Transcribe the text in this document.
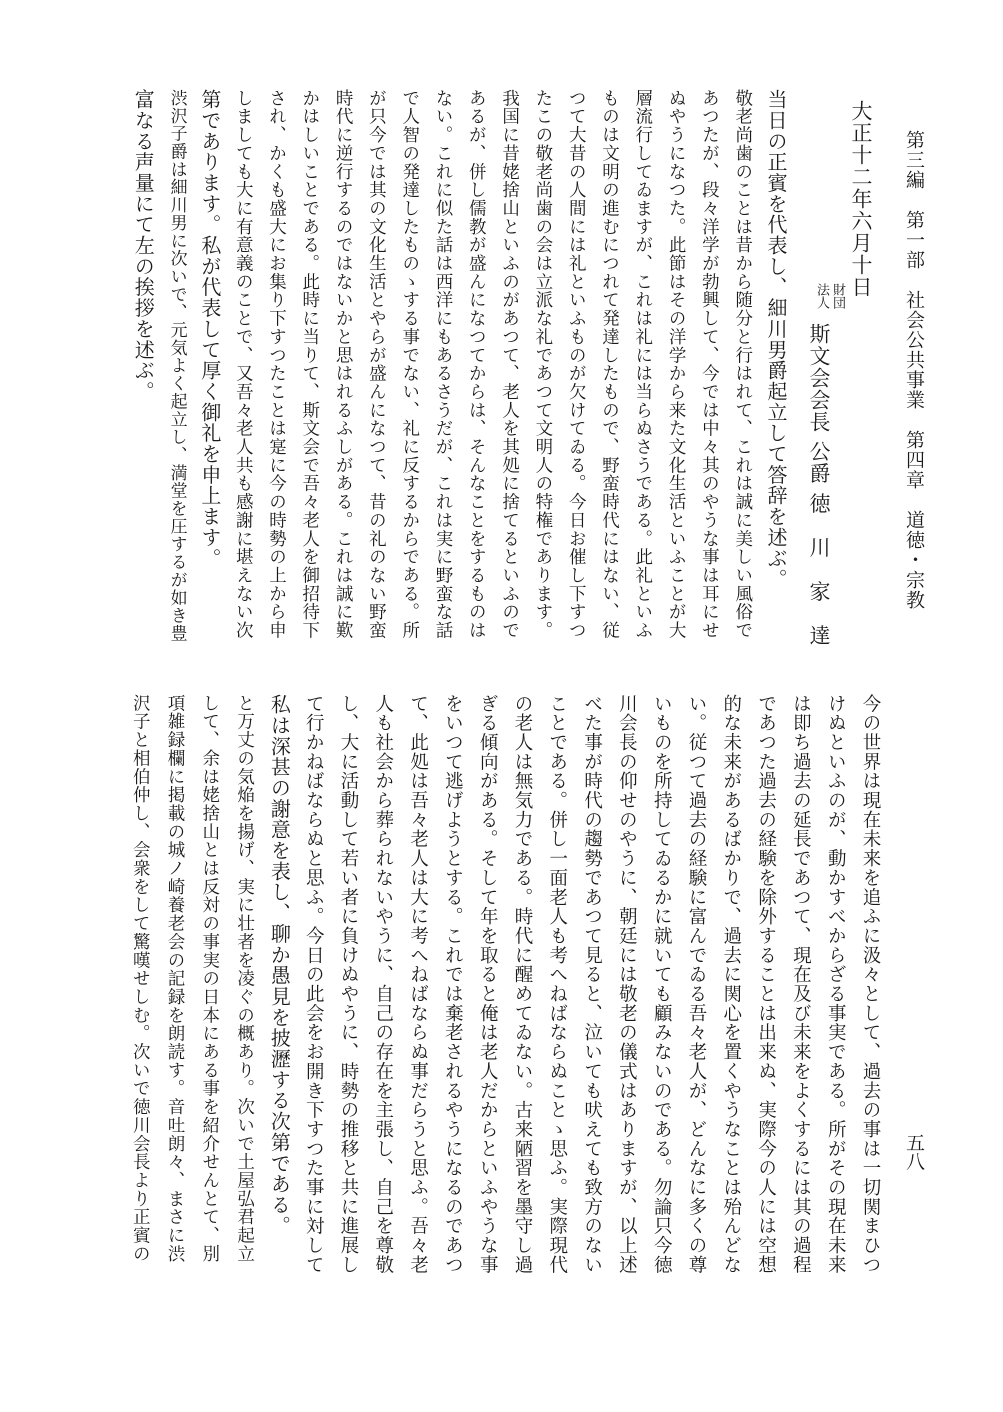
第三編　第一部　社会公共事業　第四章　道徳・宗教
五八
大正十二年六月十日
財団
法人
斯文会会長 公爵 徳　川　家　達
当日の正賓を代表し、細川男爵起立して答辞を述ぶ。
敬老尚歯のことは昔から随分と行はれて、これは誠に美しい風俗で
あつたが、段々洋学が勃興して、今では中々其のやうな事は耳にせ
ぬやうになつた。此節はその洋学から来た文化生活といふことが大
層流行してゐますが、これは礼には当らぬさうである。此礼といふ
ものは文明の進むにつれて発達したもので、野蛮時代にはない、従
つて大昔の人間には礼といふものが欠けてゐる。今日お催し下すつ
たこの敬老尚歯の会は立派な礼であつて文明人の特権であります。
我国に昔姥捨山といふのがあつて、老人を其処に捨てるといふので
あるが、併し儒教が盛んになつてからは、そんなことをするものは
ない。これに似た話は西洋にもあるさうだが、これは実に野蛮な話
で人智の発達したものゝする事でない、礼に反するからである。所
が只今では其の文化生活とやらが盛んになつて、昔の礼のない野蛮
時代に逆行するのではないかと思はれるふしがある。これは誠に歎
かはしいことである。此時に当りて、斯文会で吾々老人を御招待下
され、かくも盛大にお集り下すつたことは寔に今の時勢の上から申
しましても大に有意義のことで、又吾々老人共も感謝に堪えない次
第であります。私が代表して厚く御礼を申上ます。
渋沢子爵は細川男に次いで、元気よく起立し、満堂を圧するが如き豊
富なる声量にて左の挨拶を述ぶ。
今の世界は現在未来を追ふに汲々として、過去の事は一切関まひつ
けぬといふのが、動かすべからざる事実である。所がその現在未来
は即ち過去の延長であつて、現在及び未来をよくするには其の過程
であつた過去の経験を除外することは出来ぬ、実際今の人には空想
的な未来があるばかりで、過去に関心を置くやうなことは殆んどな
い。従つて過去の経験に富んでゐる吾々老人が、どんなに多くの尊
いものを所持してゐるかに就いても顧みないのである。勿論只今徳
川会長の仰せのやうに、朝廷には敬老の儀式はありますが、以上述
べた事が時代の趨勢であつて見ると、泣いても吠えても致方のない
ことである。併し一面老人も考へねばならぬことゝ思ふ。実際現代
の老人は無気力である。時代に醒めてゐない。古来陋習を墨守し過
ぎる傾向がある。そして年を取ると俺は老人だからといふやうな事
をいつて逃げようとする。これでは棄老されるやうになるのであつ
て、此処は吾々老人は大に考へねばならぬ事だらうと思ふ。吾々老
人も社会から葬られないやうに、自己の存在を主張し、自己を尊敬
し、大に活動して若い者に負けぬやうに、時勢の推移と共に進展し
て行かねばならぬと思ふ。今日の此会をお開き下すつた事に対して
私は深甚の謝意を表し、聊か愚見を披瀝する次第である。
と万丈の気焔を揚げ、実に壮者を凌ぐの概あり。次いで土屋弘君起立
して、余は姥捨山とは反対の事実の日本にある事を紹介せんとて、別
項雑録欄に掲載の城ノ崎養老会の記録を朗読す。音吐朗々、まさに渋
沢子と相伯仲し、会衆をして驚嘆せしむ。次いで徳川会長より正賓の
